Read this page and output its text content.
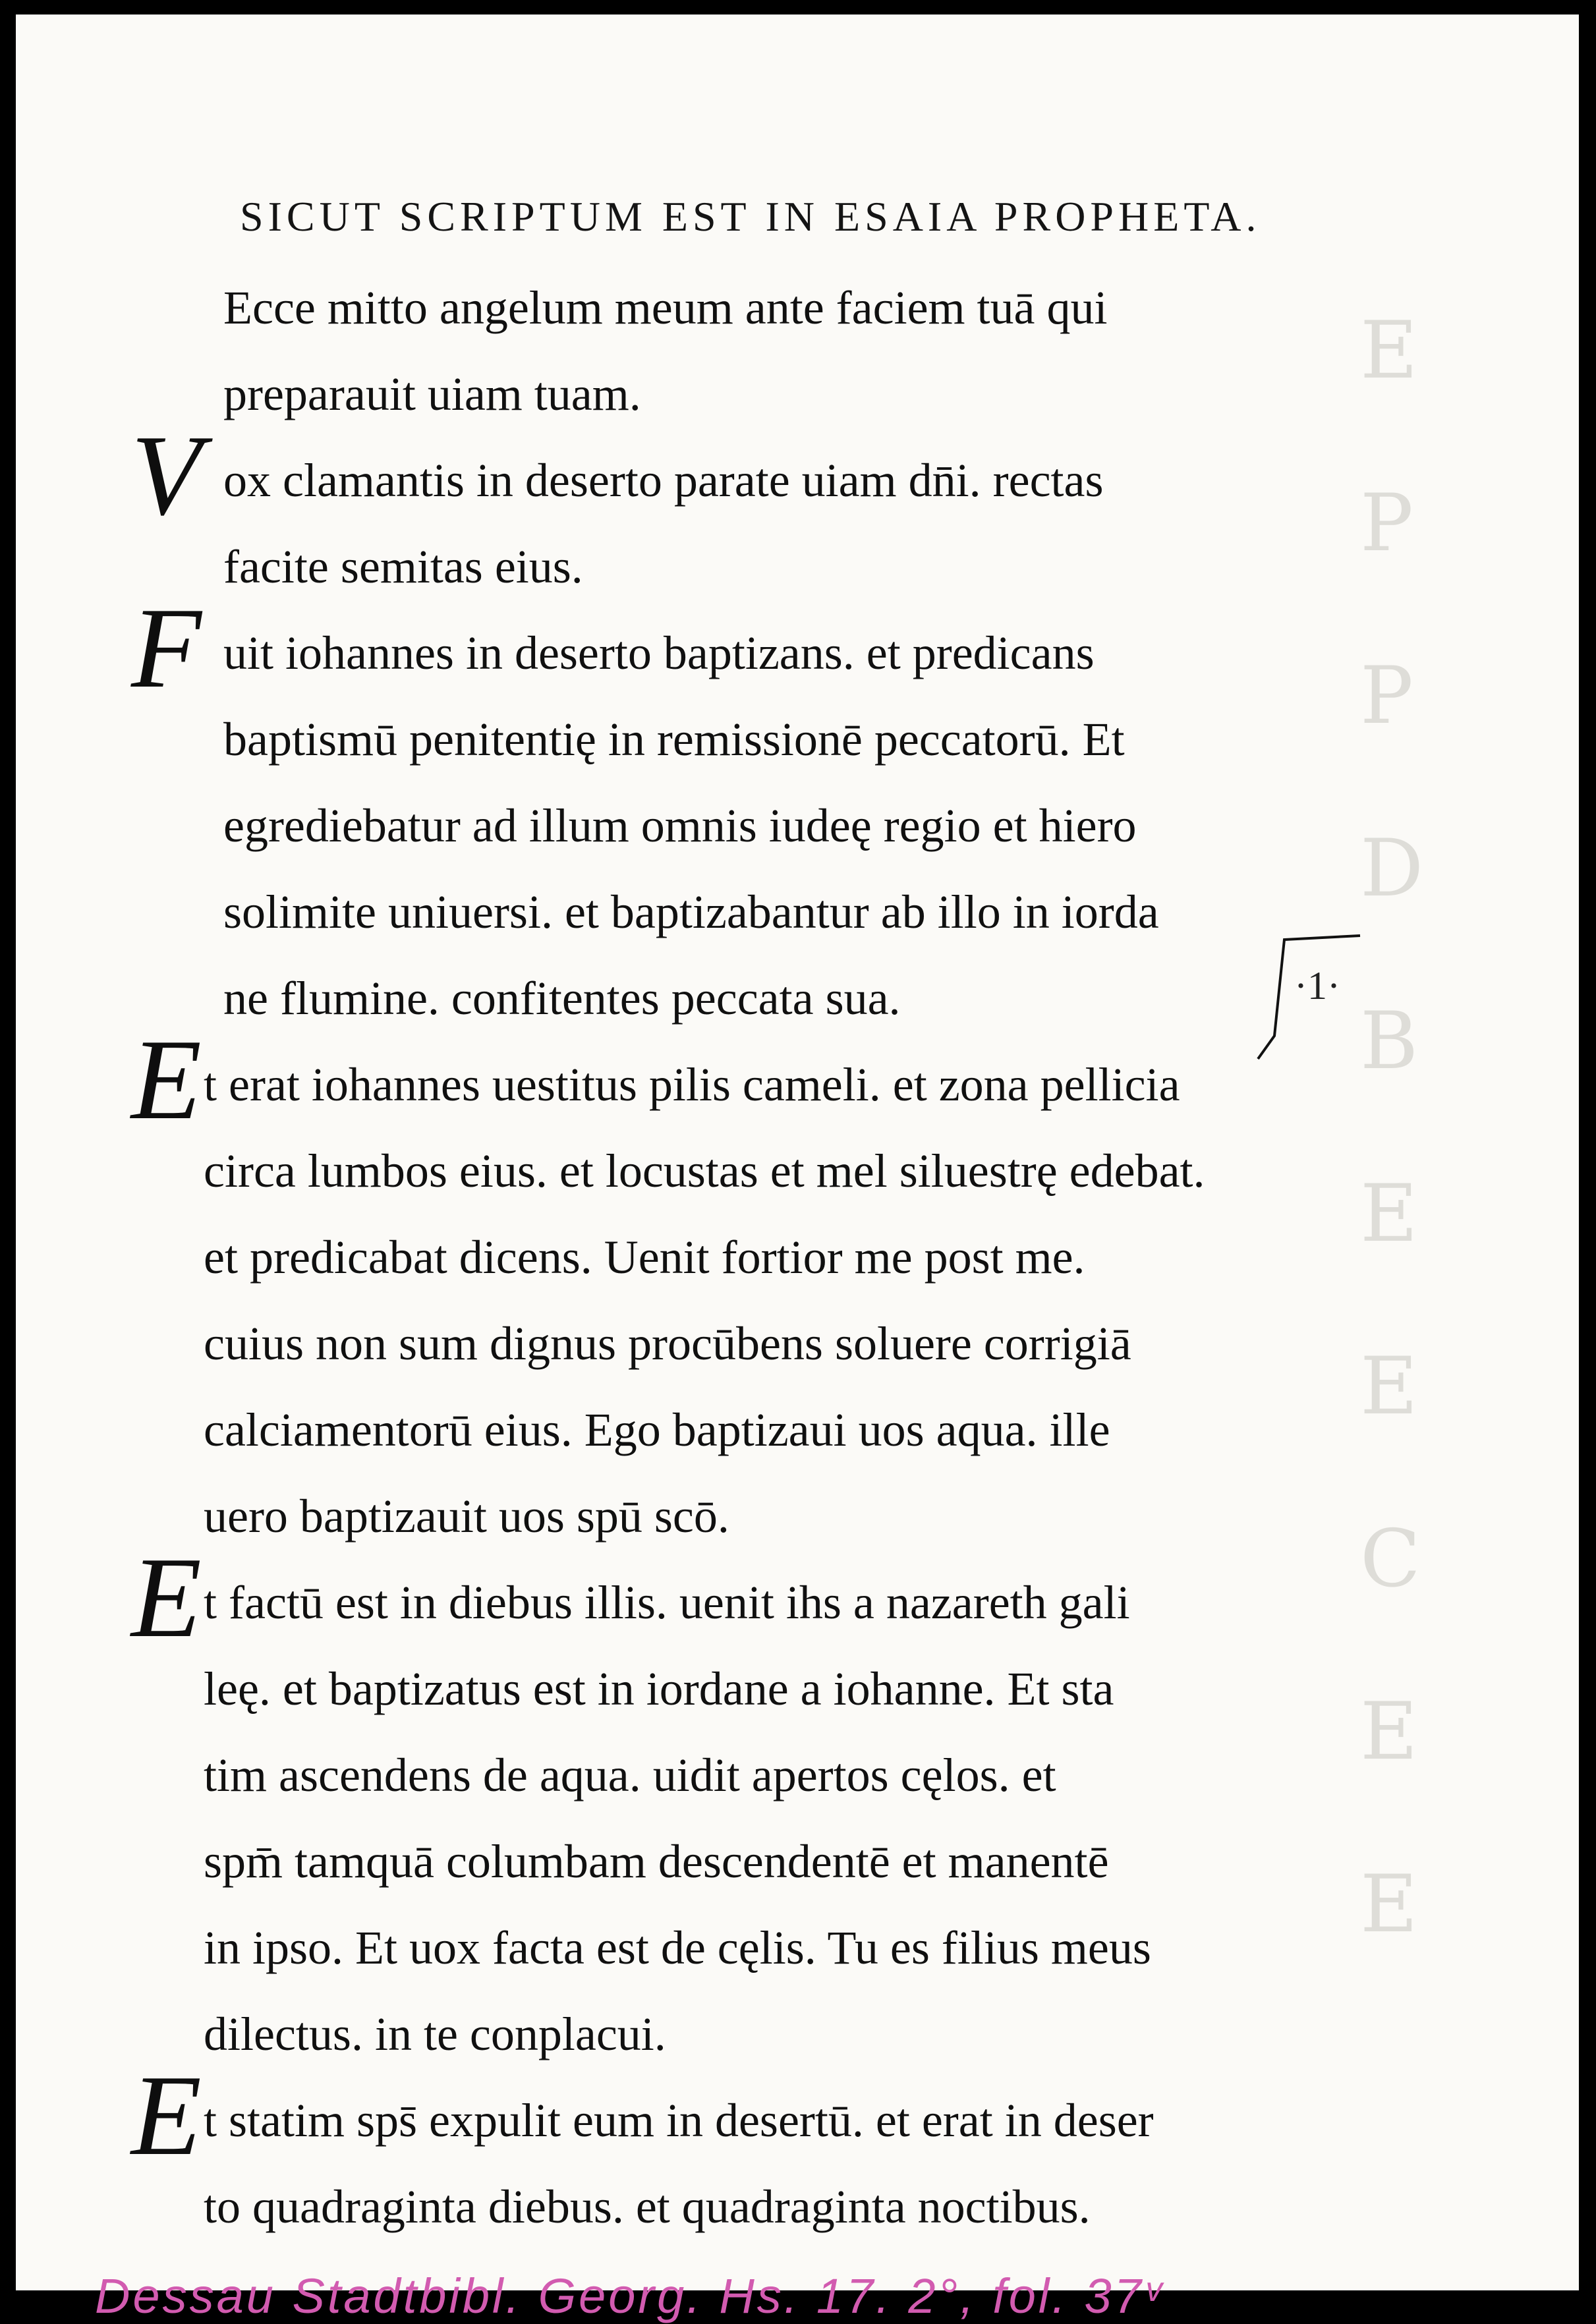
E
P
P
D
B
E
E
C
E
E
SICUT SCRIPTUM EST IN ESAIA PROPHETA.
Ecce mitto angelum meum ante faciem tuā qui
preparauit uiam tuam.
V ox clamantis in deserto parate uiam dn̄i. rectas
facite semitas eius.
F uit iohannes in deserto baptizans. et predicans
baptismū penitentię in remissionē peccatorū. Et
egrediebatur ad illum omnis iudeę regio et hiero
solimite uniuersi. et baptizabantur ab illo in iorda
ne flumine. confitentes peccata sua.
E t erat iohannes uestitus pilis cameli. et zona pellicia
circa lumbos eius. et locustas et mel siluestrę edebat.
et predicabat dicens. Uenit fortior me post me.
cuius non sum dignus procūbens soluere corrigiā
calciamentorū eius. Ego baptizaui uos aqua. ille
uero baptizauit uos spū scō.
E t factū est in diebus illis. uenit ihs a nazareth gali
leę. et baptizatus est in iordane a iohanne. Et sta
tim ascendens de aqua. uidit apertos cęlos. et
spm̄ tamquā columbam descendentē et manentē
in ipso. Et uox facta est de cęlis. Tu es filius meus
dilectus. in te conplacui.
E t statim sps̄ expulit eum in desertū. et erat in deser
to quadraginta diebus. et quadraginta noctibus.
·1·
Dessau Stadtbibl. Georg. Hs. 17. 2°, fol. 37ᵛ
